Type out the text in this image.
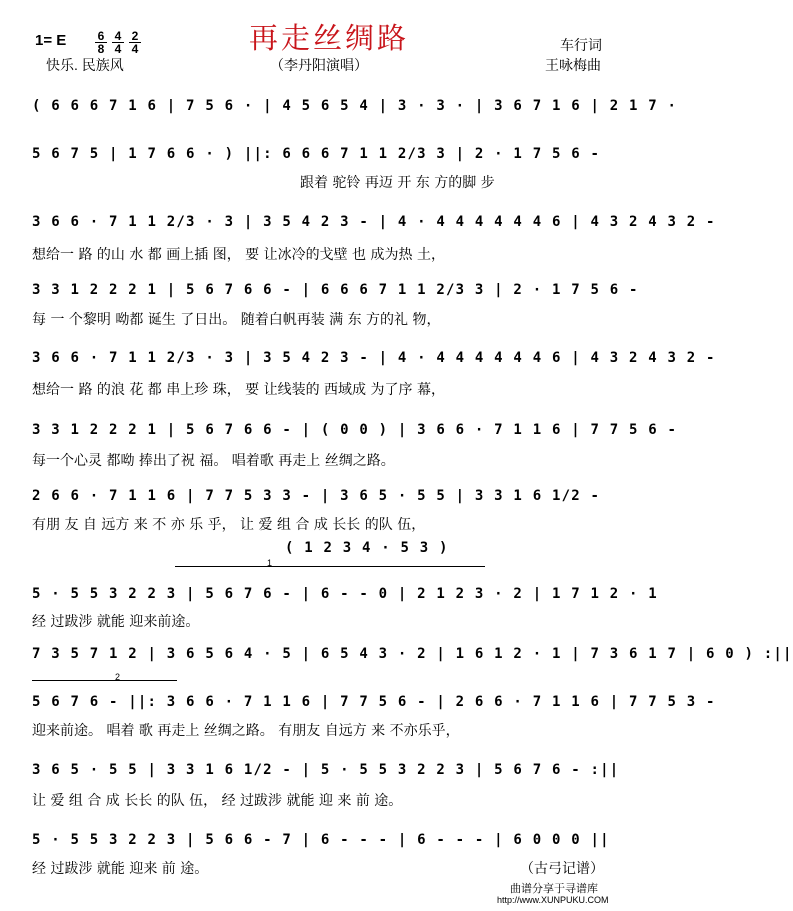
再走丝绸路
1= E $\frac{6}{8} \frac{4}{4} \frac{2}{4}$
快乐. 民族风	（李丹阳演唱）
车行词
王咏梅曲
( 6 6 6 7 1 6 | 7 5 6 · | 4 5 6 5 4 | 3 · 3 · | 3 6 7 1 6 | 2 1 7 ·
5 6 7 5 | 1 7 6 6 · ) ||: 6 6 6 7 1 1 2/3 3 | 2 · 1 7 5 6 -
跟着 驼铃 再迈 开 东 方的脚 步
3 6 6 · 7 1 1 2/3 · 3 | 3 5 4 2 3 - | 4 · 4 4 4 4 4 4 6 | 4 3 2 4 3 2 -
想给一 路 的山 水 都 画上插 图， 要 让冰冷的戈壁 也 成为热 土，
3 3 1 2 2 2 1 | 5 6 7 6 6 - | 6 6 6 7 1 1 2/3 3 | 2 · 1 7 5 6 -
每 一 个黎明 呦都 诞生 了日出。 随着白帆再装 满 东 方的礼 物，
3 6 6 · 7 1 1 2/3 · 3 | 3 5 4 2 3 - | 4 · 4 4 4 4 4 4 6 | 4 3 2 4 3 2 -
想给一 路 的浪 花 都 串上珍 珠， 要 让线装的 西域成 为了序 幕，
3 3 1 2 2 2 1 | 5 6 7 6 6 - | ( 0 0 ) | 3 6 6 · 7 1 1 6 | 7 7 5 6 -
每一个心灵 都呦 捧出了祝 福。 唱着歌 再走上 丝绸之路。
2 6 6 · 7 1 1 6 | 7 7 5 3 3 - | 3 6 5 · 5 5 | 3 3 1 6 1/2 -
有朋 友 自 远方 来 不 亦 乐 乎， 让 爱 组 合 成 长长 的队 伍，
( 1 2 3 4 · 5 3 )
1
5 · 5 5 3 2 2 3 | 5 6 7 6 - | 6 - - 0 | 2 1 2 3 · 2 | 1 7 1 2 · 1
经 过跋涉 就能 迎来前途。
7 3 5 7 1 2 | 3 6 5 6 4 · 5 | 6 5 4 3 · 2 | 1 6 1 2 · 1 | 7 3 6 1 7 | 6 0 ) :||
2
5 6 7 6 - ||: 3 6 6 · 7 1 1 6 | 7 7 5 6 - | 2 6 6 · 7 1 1 6 | 7 7 5 3 -
迎来前途。 唱着 歌 再走上 丝绸之路。 有朋友 自远方 来 不亦乐乎，
3 6 5 · 5 5 | 3 3 1 6 1/2 - | 5 · 5 5 3 2 2 3 | 5 6 7 6 - :||
让 爱 组 合 成 长长 的队 伍， 经 过跋涉 就能 迎 来 前 途。
5 · 5 5 3 2 2 3 | 5 6 6 - 7 | 6 - - - | 6 - - - | 6 0 0 0 ||
经 过跋涉 就能 迎来 前 途。	（古弓记谱）
曲谱分享于寻谱库
http://www.XUNPUKU.COM
